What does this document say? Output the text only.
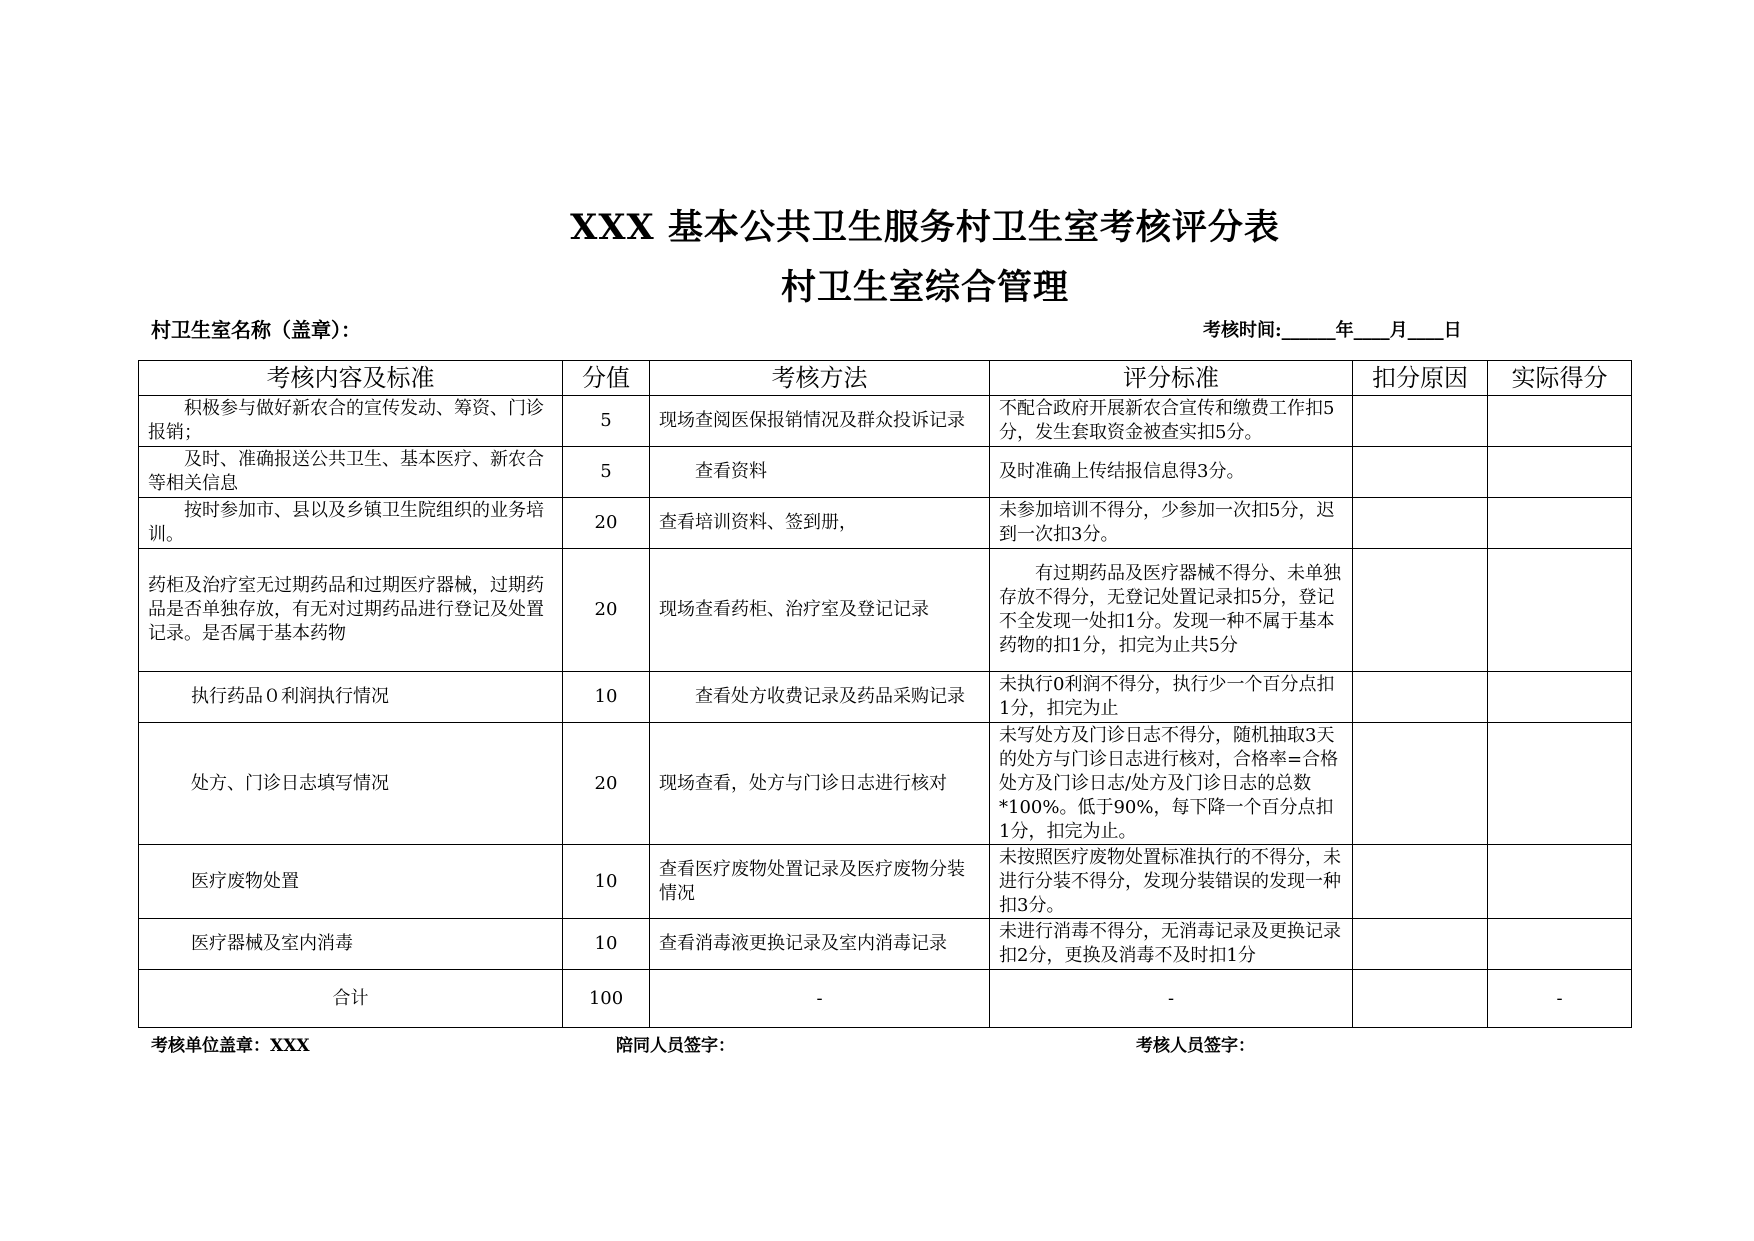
XXX 基本公共卫生服务村卫生室考核评分表
村卫生室综合管理
村卫生室名称（盖章）：	考核时间:______年____月____日
考核内容及标准	分值	考核方法	评分标准	扣分原因	实际得分
积极参与做好新农合的宣传发动、筹资、门诊报销；	5	现场查阅医保报销情况及群众投诉记录	不配合政府开展新农合宣传和缴费工作扣5分，发生套取资金被查实扣5分。		
及时、准确报送公共卫生、基本医疗、新农合等相关信息	5	查看资料	及时准确上传结报信息得3分。		
按时参加市、县以及乡镇卫生院组织的业务培训。	20	查看培训资料、签到册，	未参加培训不得分，少参加一次扣5分，迟到一次扣3分。		
药柜及治疗室无过期药品和过期医疗器械，过期药品是否单独存放，有无对过期药品进行登记及处置记录。是否属于基本药物	20	现场查看药柜、治疗室及登记记录	有过期药品及医疗器械不得分、未单独存放不得分，无登记处置记录扣5分，登记不全发现一处扣1分。发现一种不属于基本药物的扣1分，扣完为止共5分		
执行药品０利润执行情况	10	查看处方收费记录及药品采购记录	未执行0利润不得分，执行少一个百分点扣1分，扣完为止		
处方、门诊日志填写情况	20	现场查看，处方与门诊日志进行核对	未写处方及门诊日志不得分，随机抽取3天的处方与门诊日志进行核对，合格率=合格处方及门诊日志/处方及门诊日志的总数*100%。低于90%，每下降一个百分点扣1分，扣完为止。		
医疗废物处置	10	查看医疗废物处置记录及医疗废物分装情况	未按照医疗废物处置标准执行的不得分，未进行分装不得分，发现分装错误的发现一种扣3分。		
医疗器械及室内消毒	10	查看消毒液更换记录及室内消毒记录	未进行消毒不得分，无消毒记录及更换记录扣2分，更换及消毒不及时扣1分		
合计	100	-	-		-
考核单位盖章：XXX	陪同人员签字：	考核人员签字：
